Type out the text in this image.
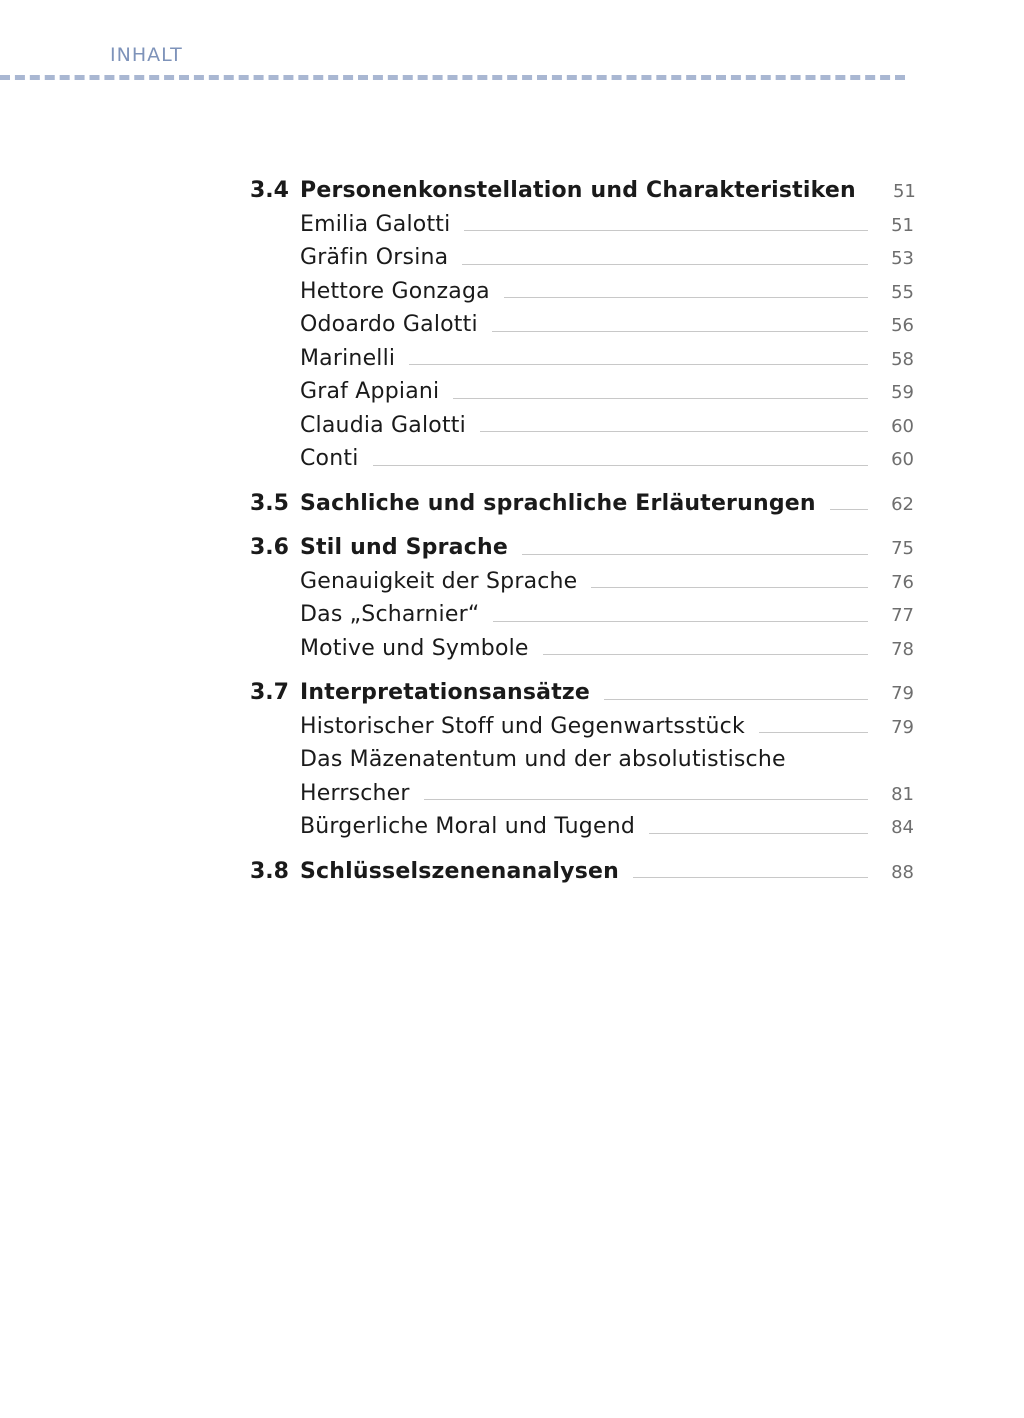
INHALT
3.4 Personenkonstellation und Charakteristiken 51
Emilia Galotti	51
Gräfin Orsina	53
Hettore Gonzaga	55
Odoardo Galotti	56
Marinelli	58
Graf Appiani	59
Claudia Galotti	60
Conti	60
3.5 Sachliche und sprachliche Erläuterungen	62
3.6 Stil und Sprache	75
Genauigkeit der Sprache	76
Das „Scharnier“	77
Motive und Symbole	78
3.7 Interpretationsansätze	79
Historischer Stoff und Gegenwartsstück	79
Das Mäzenatentum und der absolutistische
Herrscher	81
Bürgerliche Moral und Tugend	84
3.8 Schlüsselszenenanalysen	88
